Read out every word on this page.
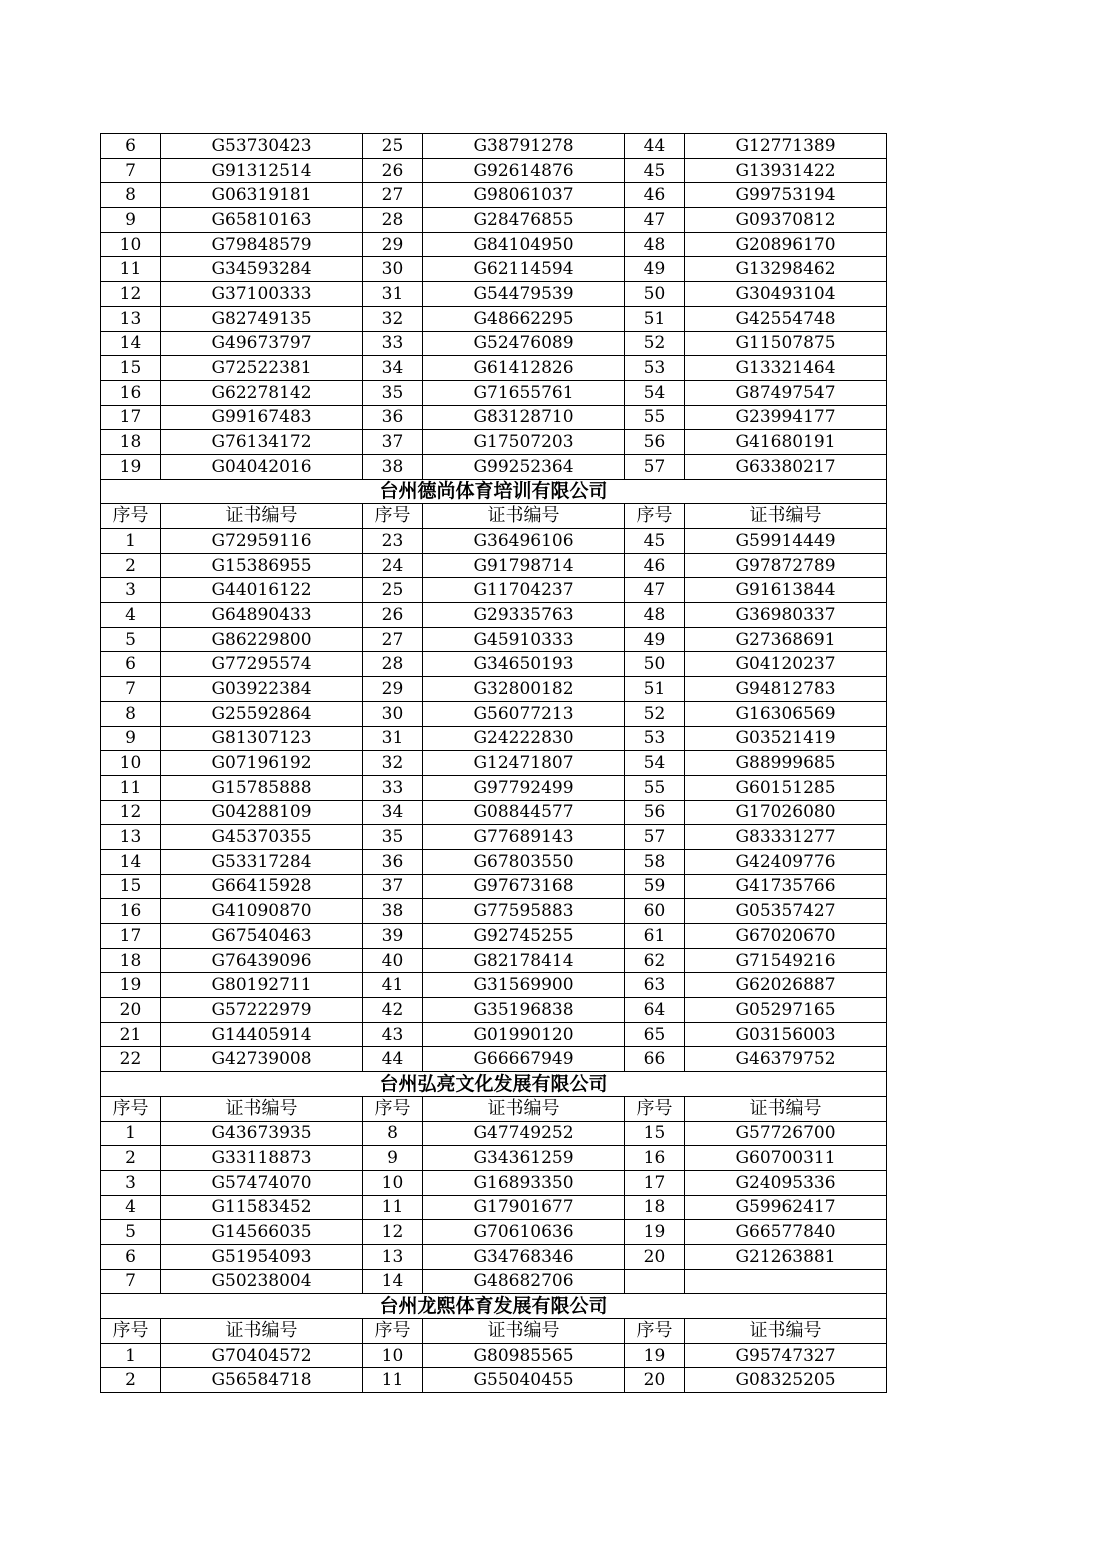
6	G53730423	25	G38791278	44	G12771389
7	G91312514	26	G92614876	45	G13931422
8	G06319181	27	G98061037	46	G99753194
9	G65810163	28	G28476855	47	G09370812
10	G79848579	29	G84104950	48	G20896170
11	G34593284	30	G62114594	49	G13298462
12	G37100333	31	G54479539	50	G30493104
13	G82749135	32	G48662295	51	G42554748
14	G49673797	33	G52476089	52	G11507875
15	G72522381	34	G61412826	53	G13321464
16	G62278142	35	G71655761	54	G87497547
17	G99167483	36	G83128710	55	G23994177
18	G76134172	37	G17507203	56	G41680191
19	G04042016	38	G99252364	57	G63380217
台州德尚体育培训有限公司					
序号	证书编号	序号	证书编号	序号	证书编号
1	G72959116	23	G36496106	45	G59914449
2	G15386955	24	G91798714	46	G97872789
3	G44016122	25	G11704237	47	G91613844
4	G64890433	26	G29335763	48	G36980337
5	G86229800	27	G45910333	49	G27368691
6	G77295574	28	G34650193	50	G04120237
7	G03922384	29	G32800182	51	G94812783
8	G25592864	30	G56077213	52	G16306569
9	G81307123	31	G24222830	53	G03521419
10	G07196192	32	G12471807	54	G88999685
11	G15785888	33	G97792499	55	G60151285
12	G04288109	34	G08844577	56	G17026080
13	G45370355	35	G77689143	57	G83331277
14	G53317284	36	G67803550	58	G42409776
15	G66415928	37	G97673168	59	G41735766
16	G41090870	38	G77595883	60	G05357427
17	G67540463	39	G92745255	61	G67020670
18	G76439096	40	G82178414	62	G71549216
19	G80192711	41	G31569900	63	G62026887
20	G57222979	42	G35196838	64	G05297165
21	G14405914	43	G01990120	65	G03156003
22	G42739008	44	G66667949	66	G46379752
台州弘亮文化发展有限公司					
序号	证书编号	序号	证书编号	序号	证书编号
1	G43673935	8	G47749252	15	G57726700
2	G33118873	9	G34361259	16	G60700311
3	G57474070	10	G16893350	17	G24095336
4	G11583452	11	G17901677	18	G59962417
5	G14566035	12	G70610636	19	G66577840
6	G51954093	13	G34768346	20	G21263881
7	G50238004	14	G48682706		
台州龙熙体育发展有限公司					
序号	证书编号	序号	证书编号	序号	证书编号
1	G70404572	10	G80985565	19	G95747327
2	G56584718	11	G55040455	20	G08325205
